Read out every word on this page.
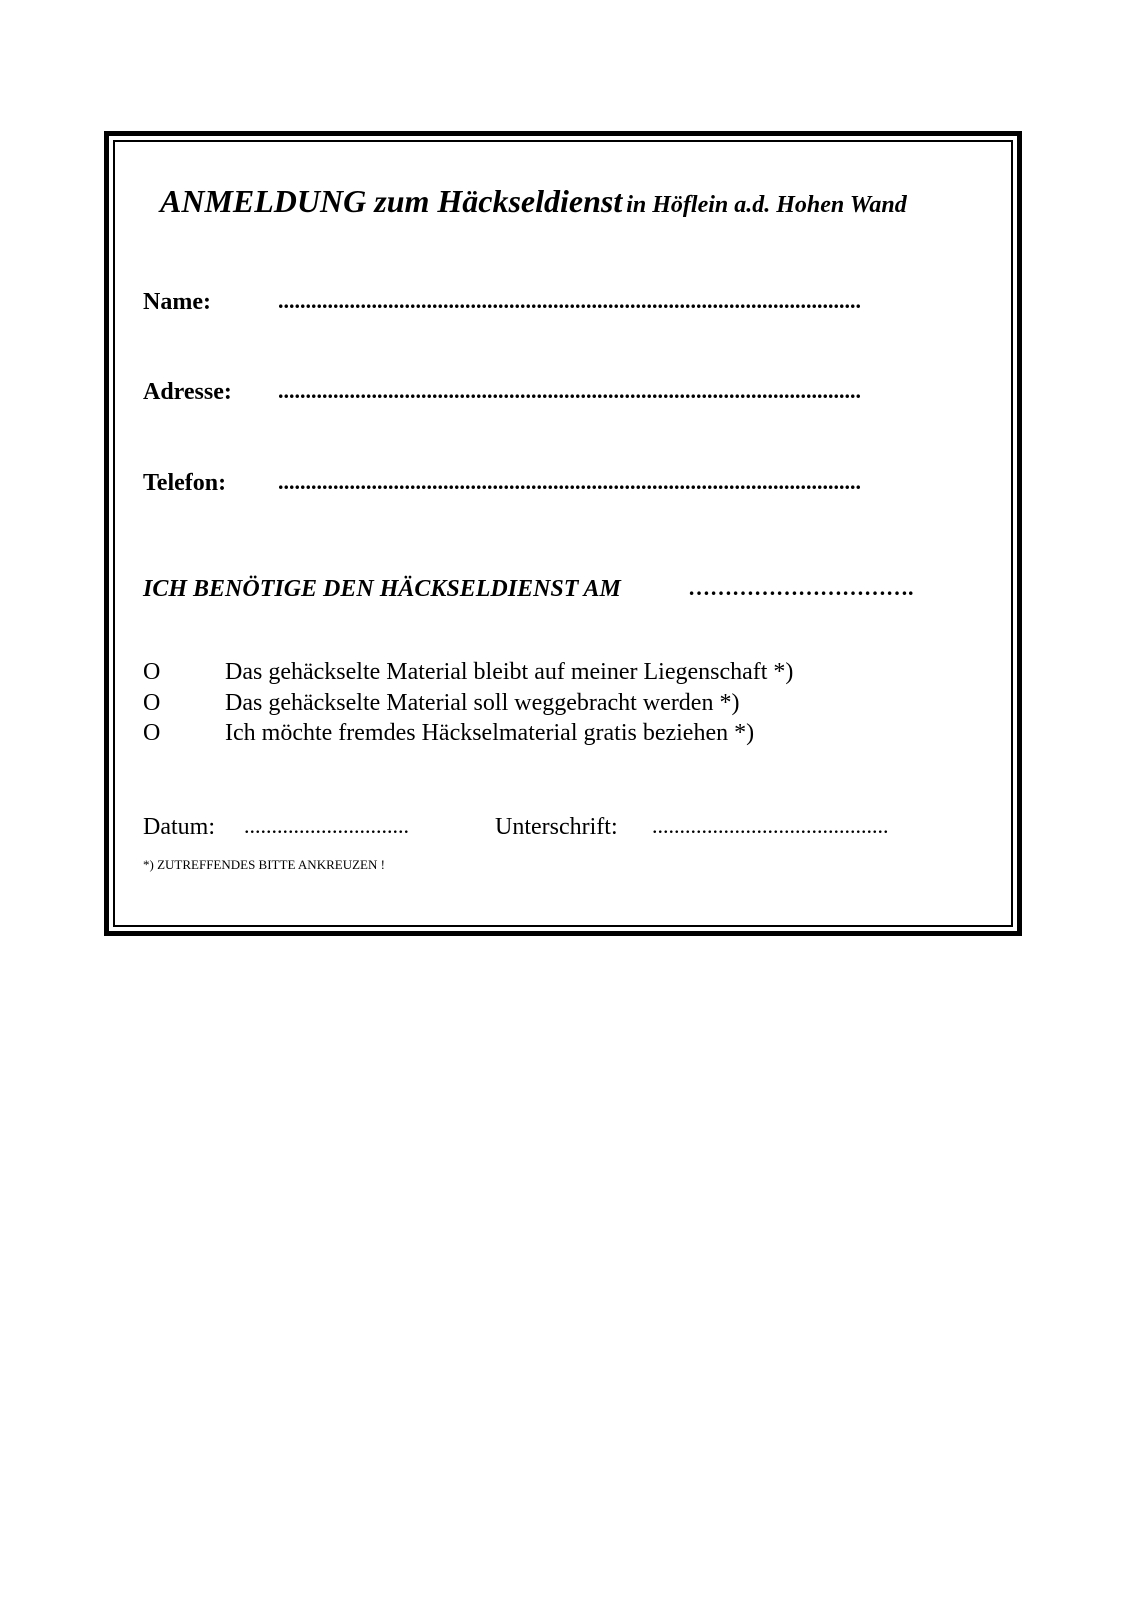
ANMELDUNG zum Häckseldienst in Höflein a.d. Hohen Wand
Name:	..........................................................................................................
Adresse: ..........................................................................................................
Telefon: ..........................................................................................................
ICH BENÖTIGE DEN HÄCKSELDIENST AM	………………………….
O	Das gehäckselte Material bleibt auf meiner Liegenschaft *)
O	Das gehäckselte Material soll weggebracht werden *)
O	Ich möchte fremdes Häckselmaterial gratis beziehen *)
Datum: ..............................	Unterschrift: ...........................................
*) ZUTREFFENDES BITTE ANKREUZEN !
